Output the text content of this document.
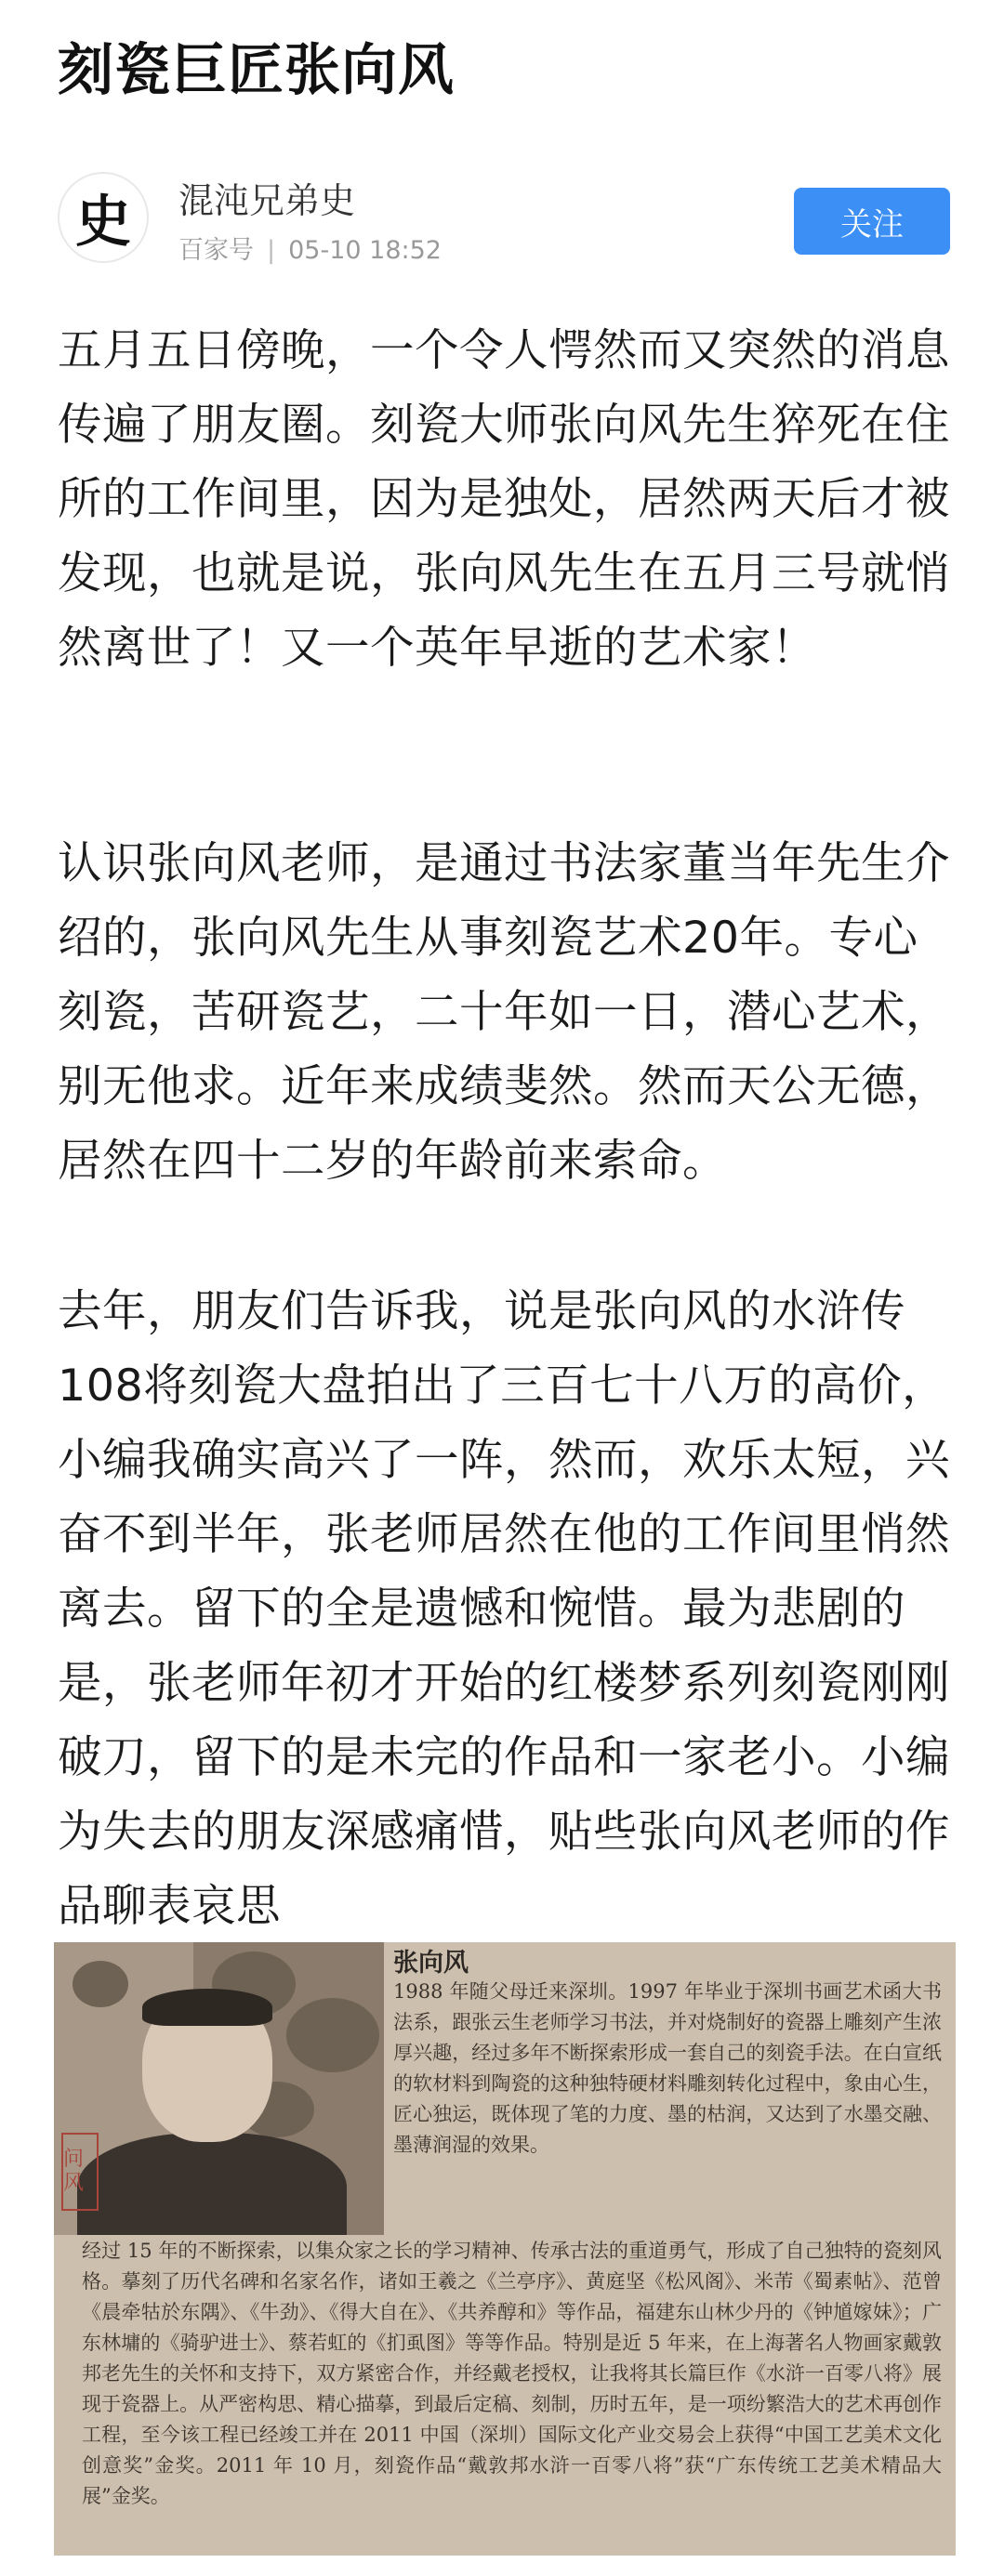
刻瓷巨匠张向风
史	混沌兄弟史
百家号 | 05-10 18:52
关注

五月五日傍晚，一个令人愕然而又突然的消息传遍了朋友圈。刻瓷大师张向风先生猝死在住所的工作间里，因为是独处，居然两天后才被发现，也就是说，张向风先生在五月三号就悄然离世了！又一个英年早逝的艺术家！

认识张向风老师，是通过书法家董当年先生介绍的，张向风先生从事刻瓷艺术20年。专心刻瓷，苦研瓷艺，二十年如一日，潜心艺术，别无他求。近年来成绩斐然。然而天公无德，居然在四十二岁的年龄前来索命。

去年，朋友们告诉我，说是张向风的水浒传108将刻瓷大盘拍出了三百七十八万的高价，小编我确实高兴了一阵，然而，欢乐太短，兴奋不到半年，张老师居然在他的工作间里悄然离去。留下的全是遗憾和惋惜。最为悲剧的是，张老师年初才开始的红楼梦系列刻瓷刚刚破刀，留下的是未完的作品和一家老小。小编为失去的朋友深感痛惜，贴些张向风老师的作品聊表哀思

问风
张向风

1988 年随父母迁来深圳。1997 年毕业于深圳书画艺术函大书法系，跟张云生老师学习书法，并对烧制好的瓷器上雕刻产生浓厚兴趣，经过多年不断探索形成一套自己的刻瓷手法。在白宣纸的软材料到陶瓷的这种独特硬材料雕刻转化过程中，象由心生，匠心独运，既体现了笔的力度、墨的枯润，又达到了水墨交融、墨薄润湿的效果。

经过 15 年的不断探索，以集众家之长的学习精神、传承古法的重道勇气，形成了自己独特的瓷刻风格。摹刻了历代名碑和名家名作，诸如王羲之《兰亭序》、黄庭坚《松风阁》、米芾《蜀素帖》、范曾《晨牵牯於东隅》、《牛劲》、《得大自在》、《共养醇和》等作品，福建东山林少丹的《钟馗嫁妹》；广东林墉的《骑驴进士》、蔡若虹的《扪虱图》等等作品。特别是近 5 年来，在上海著名人物画家戴敦邦老先生的关怀和支持下，双方紧密合作，并经戴老授权，让我将其长篇巨作《水浒一百零八将》展现于瓷器上。从严密构思、精心描摹，到最后定稿、刻制，历时五年，是一项纷繁浩大的艺术再创作工程，至今该工程已经竣工并在 2011 中国（深圳）国际文化产业交易会上获得“中国工艺美术文化创意奖”金奖。2011 年 10 月，刻瓷作品“戴敦邦水浒一百零八将”获“广东传统工艺美术精品大展”金奖。
